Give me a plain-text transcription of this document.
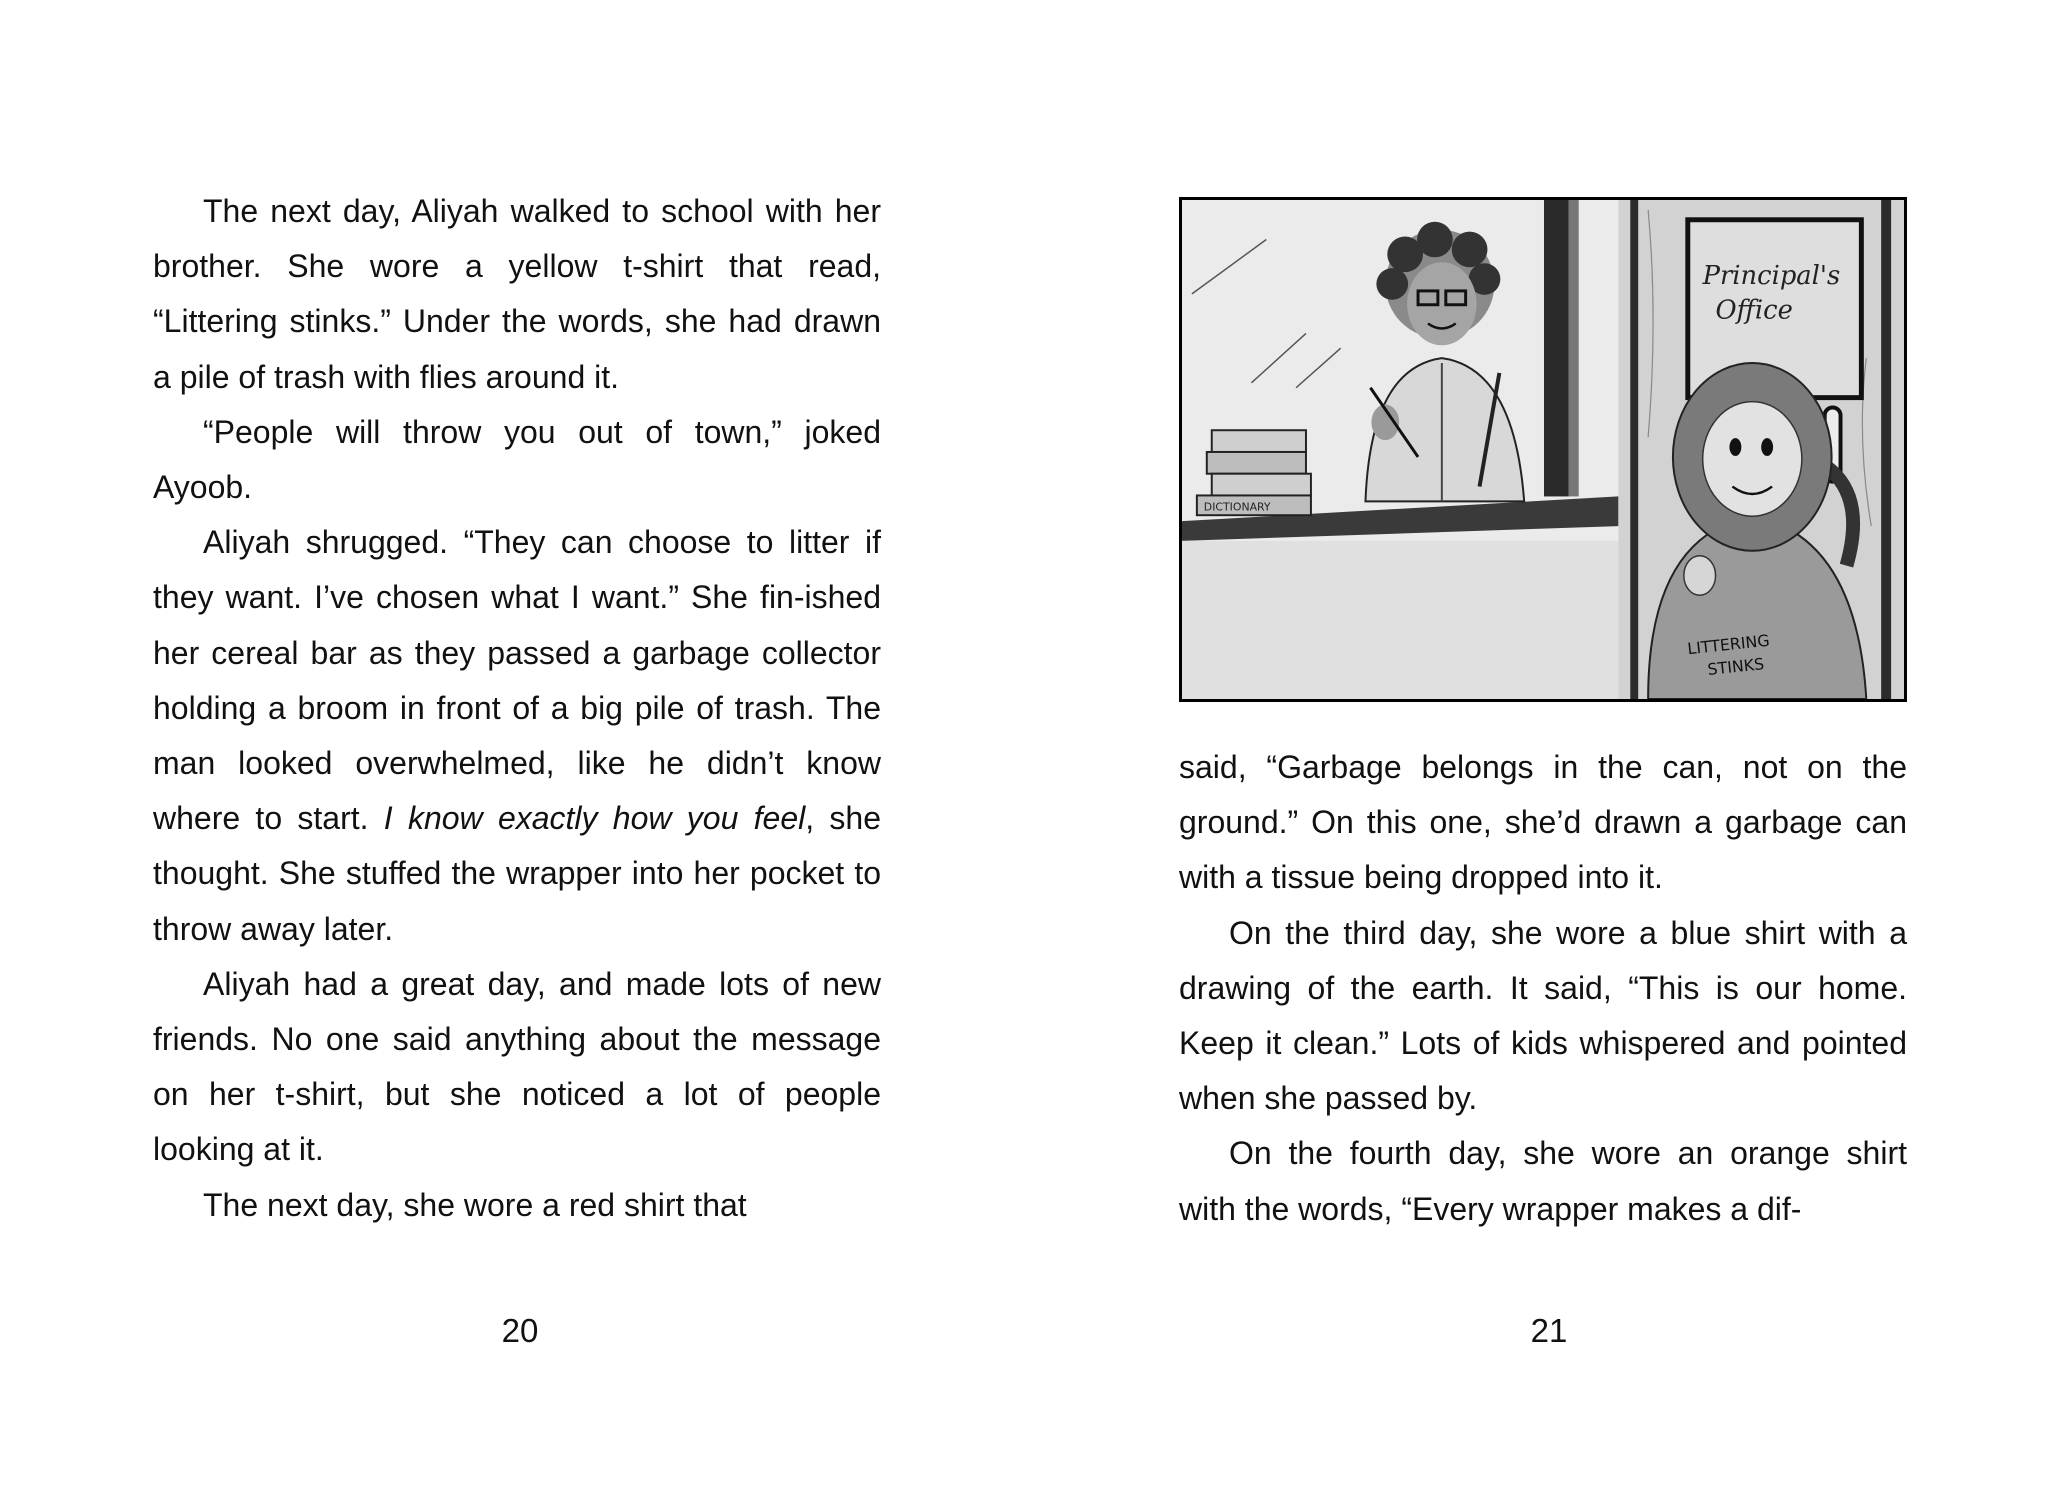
The next day, Aliyah walked to school with her brother. She wore a yellow t-shirt that read, “Littering stinks.” Under the words, she had drawn a pile of trash with flies around it.

“People will throw you out of town,” joked Ayoob.

Aliyah shrugged. “They can choose to litter if they want. I’ve chosen what I want.” She fin-ished her cereal bar as they passed a garbage collector holding a broom in front of a big pile of trash. The man looked overwhelmed, like he didn’t know where to start. I know exactly how you feel, she thought. She stuffed the wrapper into her pocket to throw away later.

Aliyah had a great day, and made lots of new friends. No one said anything about the message on her t-shirt, but she noticed a lot of people looking at it.

The next day, she wore a red shirt that

20
DICTIONARY
Principal's
Office
LITTERING
STINKS

said, “Garbage belongs in the can, not on the ground.” On this one, she’d drawn a garbage can with a tissue being dropped into it.

On the third day, she wore a blue shirt with a drawing of the earth. It said, “This is our home. Keep it clean.” Lots of kids whispered and pointed when she passed by.

On the fourth day, she wore an orange shirt with the words, “Every wrapper makes a dif-

21
